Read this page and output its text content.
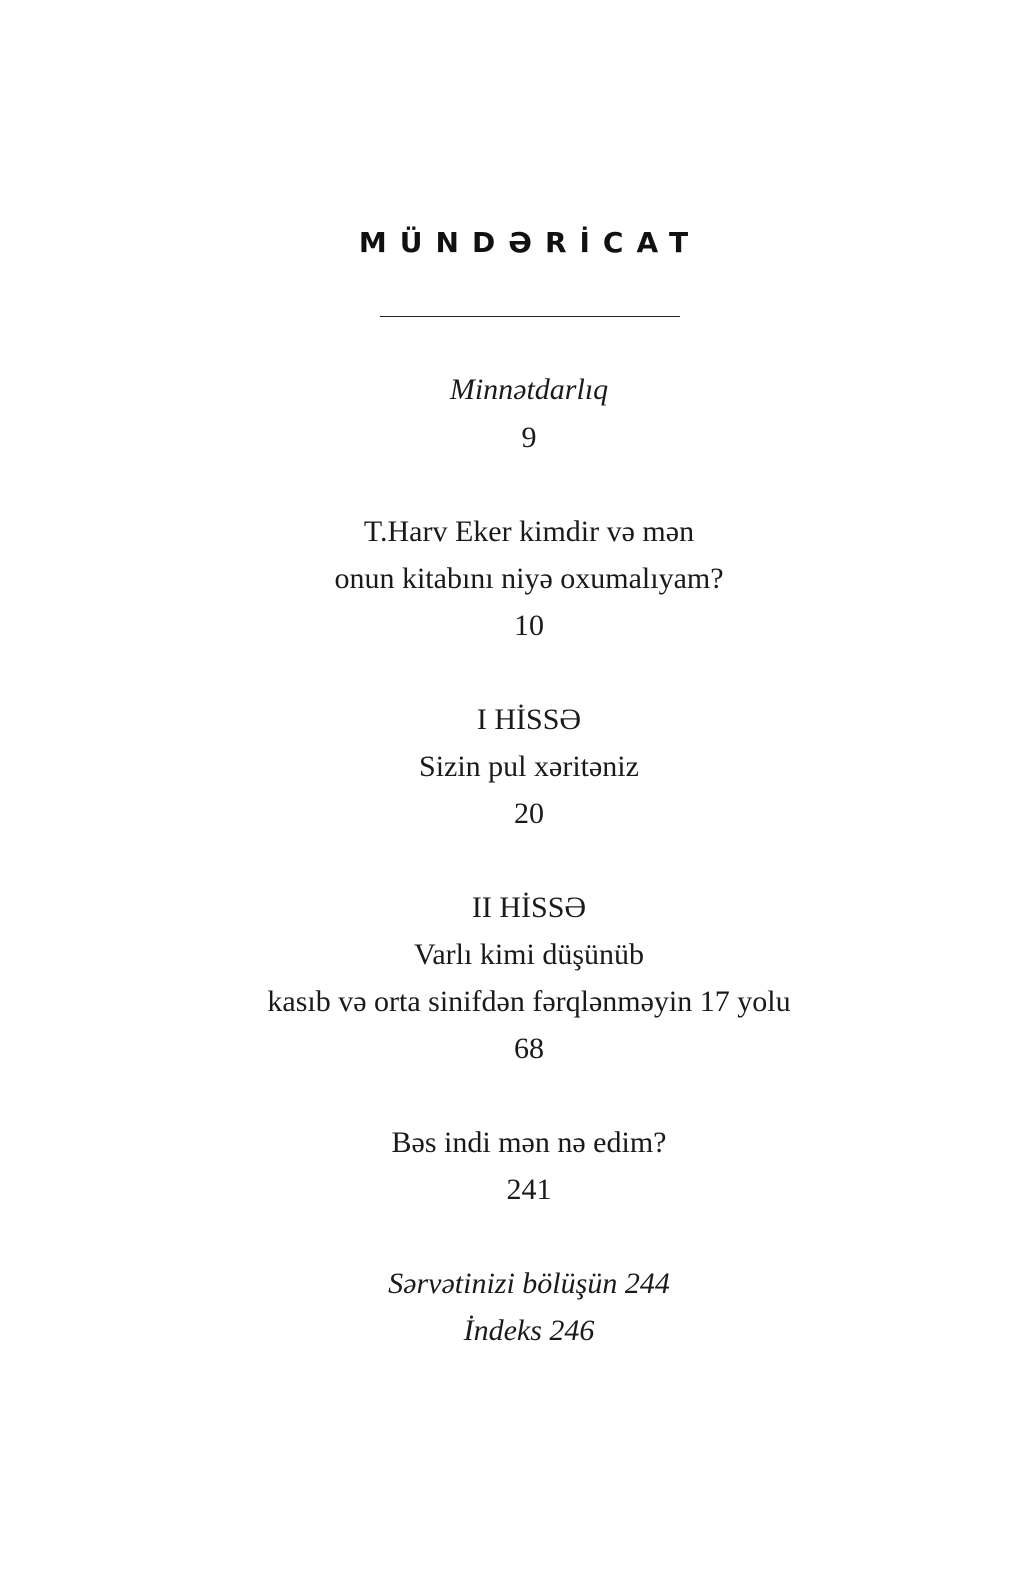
MÜNDƏRİCAT
Minnətdarlıq
9
T.Harv Eker kimdir və mən
onun kitabını niyə oxumalıyam?
10
I HİSSƏ
Sizin pul xəritəniz
20
II HİSSƏ
Varlı kimi düşünüb
kasıb və orta sinifdən fərqlənməyin 17 yolu
68
Bəs indi mən nə edim?
241
Sərvətinizi bölüşün 244
İndeks 246
